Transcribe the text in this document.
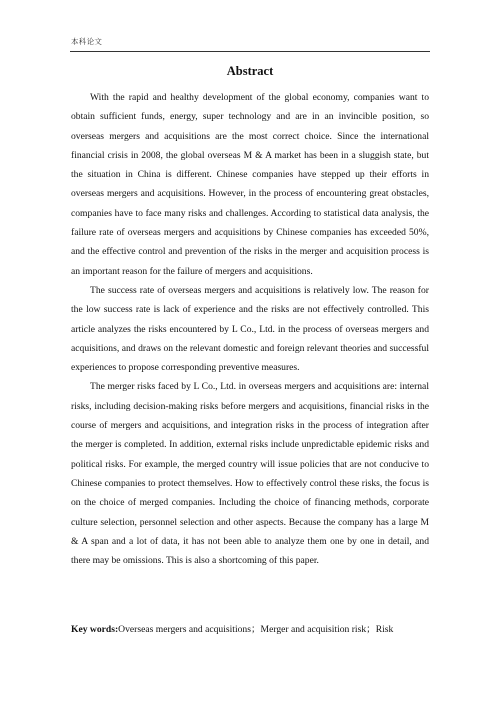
本科论文
Abstract

With the rapid and healthy development of the global economy, companies want to obtain sufficient funds, energy, super technology and are in an invincible position, so overseas mergers and acquisitions are the most correct choice. Since the international financial crisis in 2008, the global overseas M & A market has been in a sluggish state, but the situation in China is different. Chinese companies have stepped up their efforts in overseas mergers and acquisitions. However, in the process of encountering great obstacles, companies have to face many risks and challenges. According to statistical data analysis, the failure rate of overseas mergers and acquisitions by Chinese companies has exceeded 50%, and the effective control and prevention of the risks in the merger and acquisition process is an important reason for the failure of mergers and acquisitions.

The success rate of overseas mergers and acquisitions is relatively low. The reason for the low success rate is lack of experience and the risks are not effectively controlled. This article analyzes the risks encountered by L Co., Ltd. in the process of overseas mergers and acquisitions, and draws on the relevant domestic and foreign relevant theories and successful experiences to propose corresponding preventive measures.

The merger risks faced by L Co., Ltd. in overseas mergers and acquisitions are: internal risks, including decision-making risks before mergers and acquisitions, financial risks in the course of mergers and acquisitions, and integration risks in the process of integration after the merger is completed. In addition, external risks include unpredictable epidemic risks and political risks. For example, the merged country will issue policies that are not conducive to Chinese companies to protect themselves. How to effectively control these risks, the focus is on the choice of merged companies. Including the choice of financing methods, corporate culture selection, personnel selection and other aspects. Because the company has a large M & A span and a lot of data, it has not been able to analyze them one by one in detail, and there may be omissions. This is also a shortcoming of this paper.

Key words:Overseas mergers and acquisitions；Merger and acquisition risk；Risk
